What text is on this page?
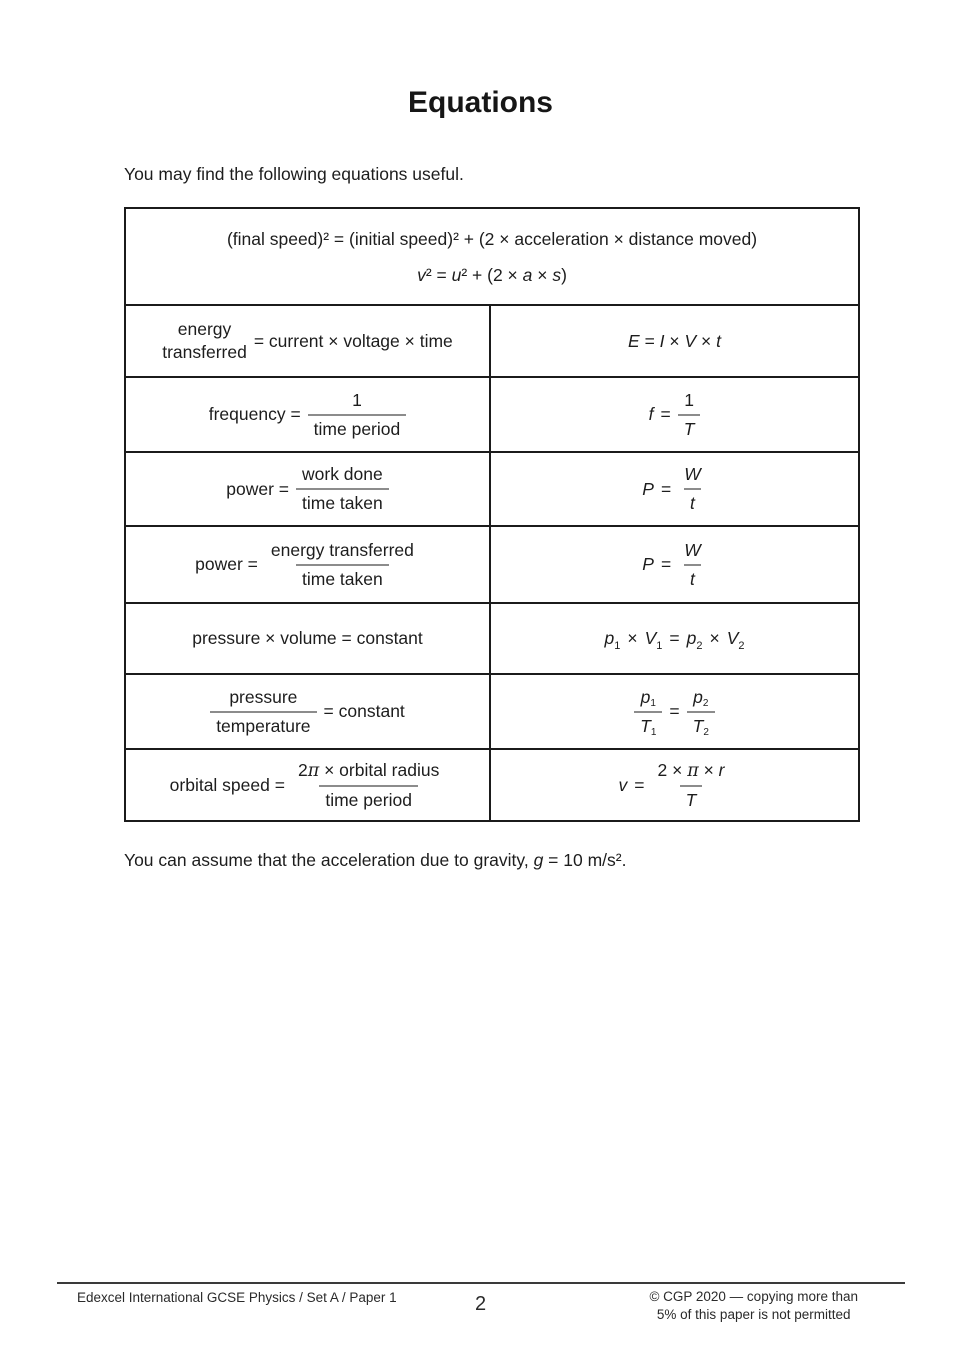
Equations
You may find the following equations useful.
(final speed)² = (initial speed)² + (2 × acceleration × distance moved)
v² = u² + (2 × a × s)	

energy
transferred
= current × voltage × time	E = I × V × t

frequency = $\frac{1}{\text{time period}}$	$f = \frac{1}{T}$

power = $\frac{\text{work done}}{\text{time taken}}$	$P = \frac{W}{t}$

power = $\frac{\text{energy transferred}}{\text{time taken}}$	$P = \frac{W}{t}$

pressure × volume = constant	$p_1 \times V_1 = p_2 \times V_2$

$\frac{\text{pressure}}{\text{temperature}}$ = constant	$\frac{p_1}{T_1} = \frac{p_2}{T_2}$

orbital speed = $\frac{\text{2π × orbital radius}}{\text{time period}}$	$v = \frac{2 \times \pi \times r}{T}$
You can assume that the acceleration due to gravity, g = 10 m/s².
Edexcel International GCSE Physics / Set A / Paper 1	2	© CGP 2020 — copying more than
5% of this paper is not permitted
